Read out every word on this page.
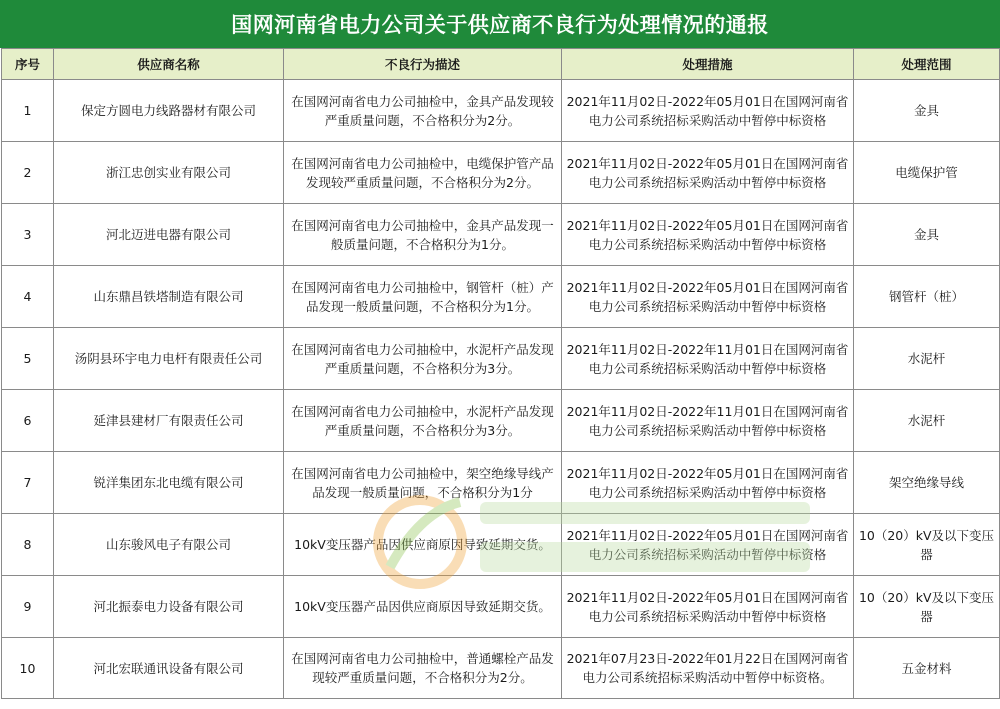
国网河南省电力公司关于供应商不良行为处理情况的通报
序号	供应商名称	不良行为描述	处理措施	处理范围
1	保定方圆电力线路器材有限公司	在国网河南省电力公司抽检中，金具产品发现较严重质量问题，不合格积分为2分。	2021年11月02日-2022年05月01日在国网河南省电力公司系统招标采购活动中暂停中标资格	金具
2	浙江忠创实业有限公司	在国网河南省电力公司抽检中，电缆保护管产品发现较严重质量问题，不合格积分为2分。	2021年11月02日-2022年05月01日在国网河南省电力公司系统招标采购活动中暂停中标资格	电缆保护管
3	河北迈进电器有限公司	在国网河南省电力公司抽检中，金具产品发现一般质量问题，不合格积分为1分。	2021年11月02日-2022年05月01日在国网河南省电力公司系统招标采购活动中暂停中标资格	金具
4	山东鼎昌铁塔制造有限公司	在国网河南省电力公司抽检中，钢管杆（桩）产品发现一般质量问题，不合格积分为1分。	2021年11月02日-2022年05月01日在国网河南省电力公司系统招标采购活动中暂停中标资格	钢管杆（桩）
5	汤阴县环宇电力电杆有限责任公司	在国网河南省电力公司抽检中，水泥杆产品发现严重质量问题，不合格积分为3分。	2021年11月02日-2022年11月01日在国网河南省电力公司系统招标采购活动中暂停中标资格	水泥杆
6	延津县建材厂有限责任公司	在国网河南省电力公司抽检中，水泥杆产品发现严重质量问题，不合格积分为3分。	2021年11月02日-2022年11月01日在国网河南省电力公司系统招标采购活动中暂停中标资格	水泥杆
7	锐洋集团东北电缆有限公司	在国网河南省电力公司抽检中，架空绝缘导线产品发现一般质量问题，不合格积分为1分	2021年11月02日-2022年05月01日在国网河南省电力公司系统招标采购活动中暂停中标资格	架空绝缘导线
8	山东骏风电子有限公司	10kV变压器产品因供应商原因导致延期交货。	2021年11月02日-2022年05月01日在国网河南省电力公司系统招标采购活动中暂停中标资格	10（20）kV及以下变压器
9	河北振泰电力设备有限公司	10kV变压器产品因供应商原因导致延期交货。	2021年11月02日-2022年05月01日在国网河南省电力公司系统招标采购活动中暂停中标资格	10（20）kV及以下变压器
10	河北宏联通讯设备有限公司	在国网河南省电力公司抽检中，普通螺栓产品发现较严重质量问题，不合格积分为2分。	2021年07月23日-2022年01月22日在国网河南省电力公司系统招标采购活动中暂停中标资格。	五金材料
